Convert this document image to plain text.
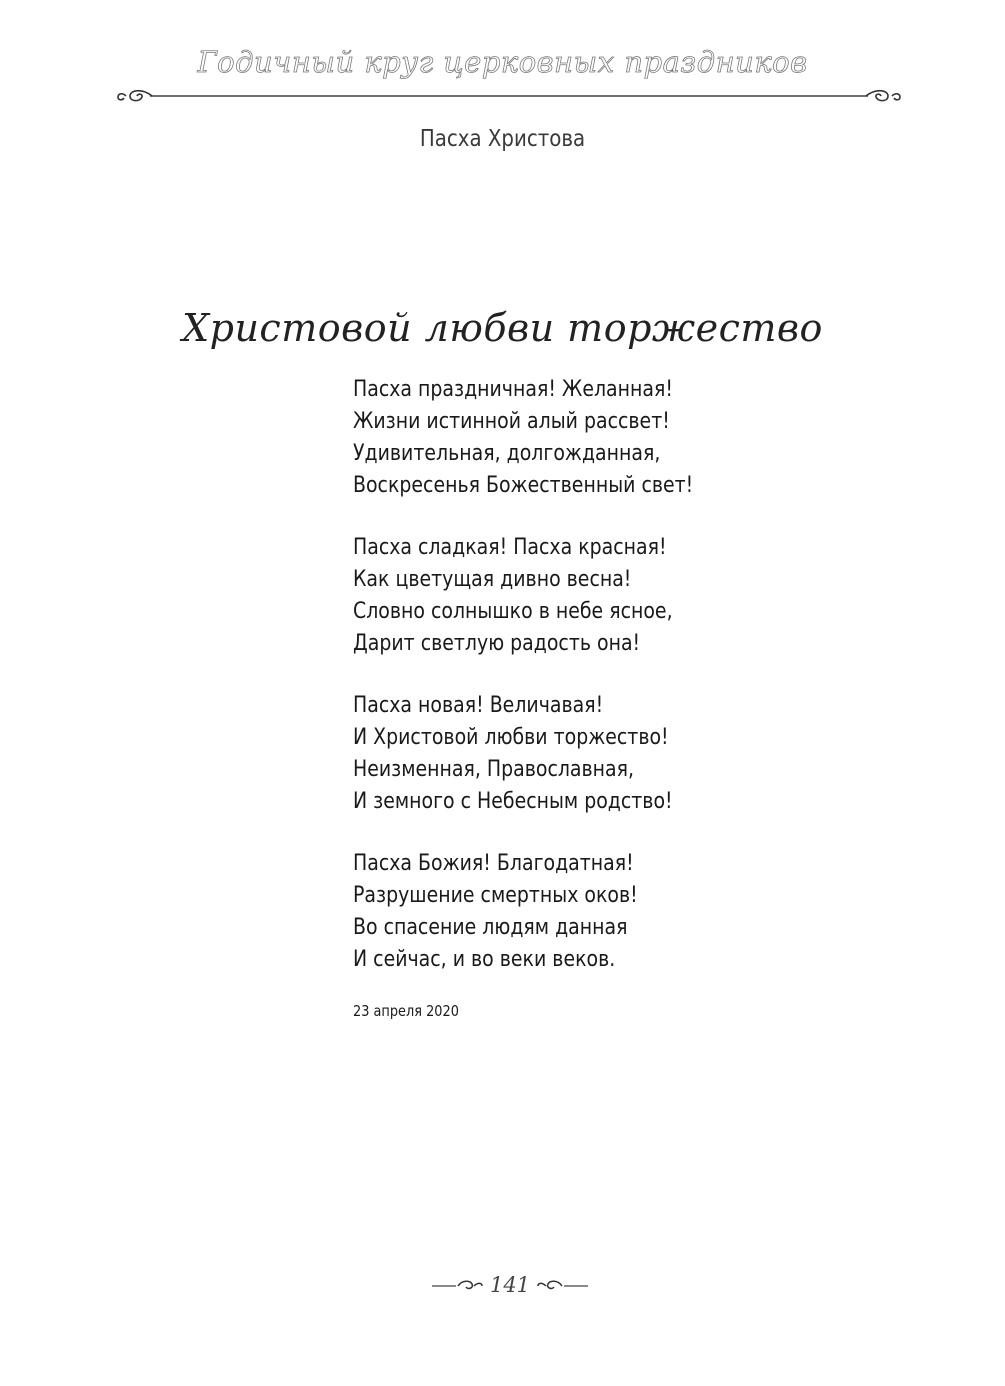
Годичный круг церковных праздников
Пасха Христова
Христовой любви торжество

Пасха праздничная! Желанная!
Жизни истинной алый рассвет!
Удивительная, долгожданная,
Воскресенья Божественный свет!

Пасха сладкая! Пасха красная!
Как цветущая дивно весна!
Словно солнышко в небе ясное,
Дарит светлую радость она!

Пасха новая! Величавая!
И Христовой любви торжество!
Неизменная, Православная,
И земного с Небесным родство!

Пасха Божия! Благодатная!
Разрушение смертных оков!
Во спасение людям данная
И сейчас, и во веки веков.

23 апреля 2020
141
